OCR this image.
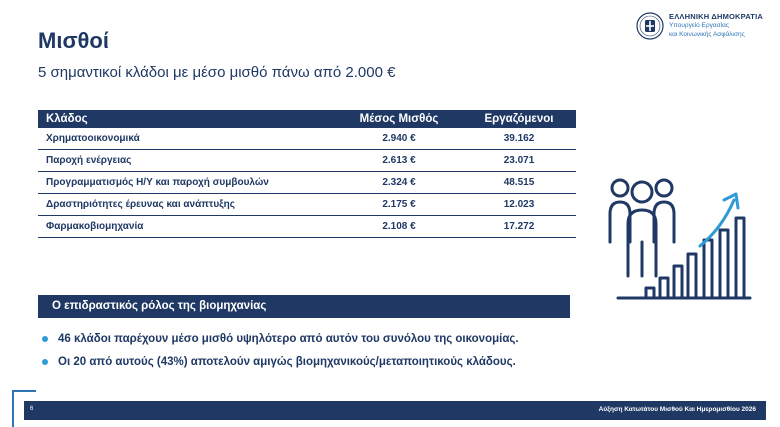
Μισθοί
5 σημαντικοί κλάδοι με μέσο μισθό πάνω από 2.000 €
ΕΛΛΗΝΙΚΗ ΔΗΜΟΚΡΑΤΙΑ
Υπουργείο Εργασίας
και Κοινωνικής Ασφάλισης
Κλάδος	Μέσος Μισθός	Εργαζόμενοι
Χρηματοοικονομικά	2.940 €	39.162
Παροχή ενέργειας	2.613 €	23.071
Προγραμματισμός Η/Υ και παροχή συμβουλών	2.324 €	48.515
Δραστηριότητες έρευνας και ανάπτυξης	2.175 €	12.023
Φαρμακοβιομηχανία	2.108 €	17.272
Ο επιδραστικός ρόλος της βιομηχανίας
46 κλάδοι παρέχουν μέσο μισθό υψηλότερο από αυτόν του συνόλου της οικονομίας.
Οι 20 από αυτούς (43%) αποτελούν αμιγώς βιομηχανικούς/μεταποιητικούς κλάδους.
6	Αύξηση Κατωτάτου Μισθού Και Ημερομισθίου 2026
